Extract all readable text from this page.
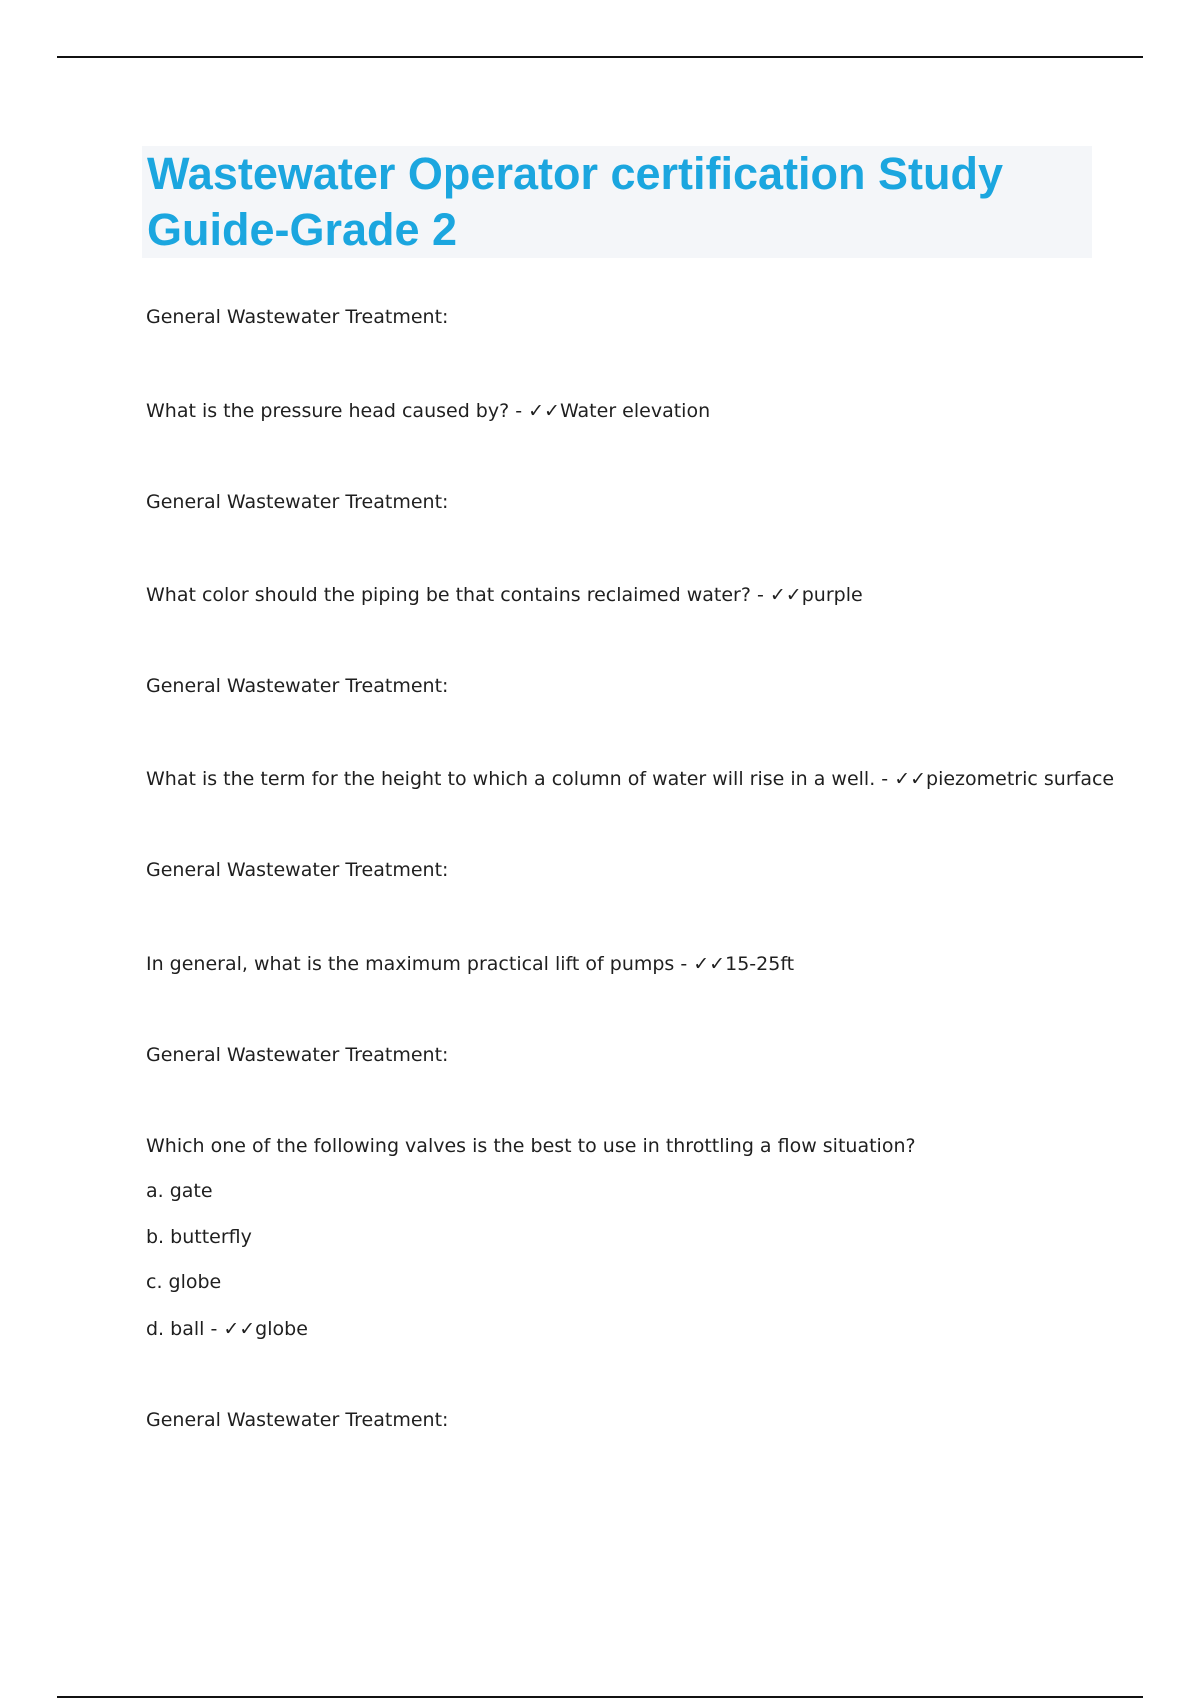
Wastewater Operator certification Study Guide-Grade 2

General Wastewater Treatment:

What is the pressure head caused by? - ✓✓Water elevation

General Wastewater Treatment:

What color should the piping be that contains reclaimed water? - ✓✓purple

General Wastewater Treatment:

What is the term for the height to which a column of water will rise in a well. - ✓✓piezometric surface

General Wastewater Treatment:

In general, what is the maximum practical lift of pumps - ✓✓15-25ft

General Wastewater Treatment:

Which one of the following valves is the best to use in throttling a flow situation?

a. gate

b. butterfly

c. globe

d. ball - ✓✓globe

General Wastewater Treatment:
